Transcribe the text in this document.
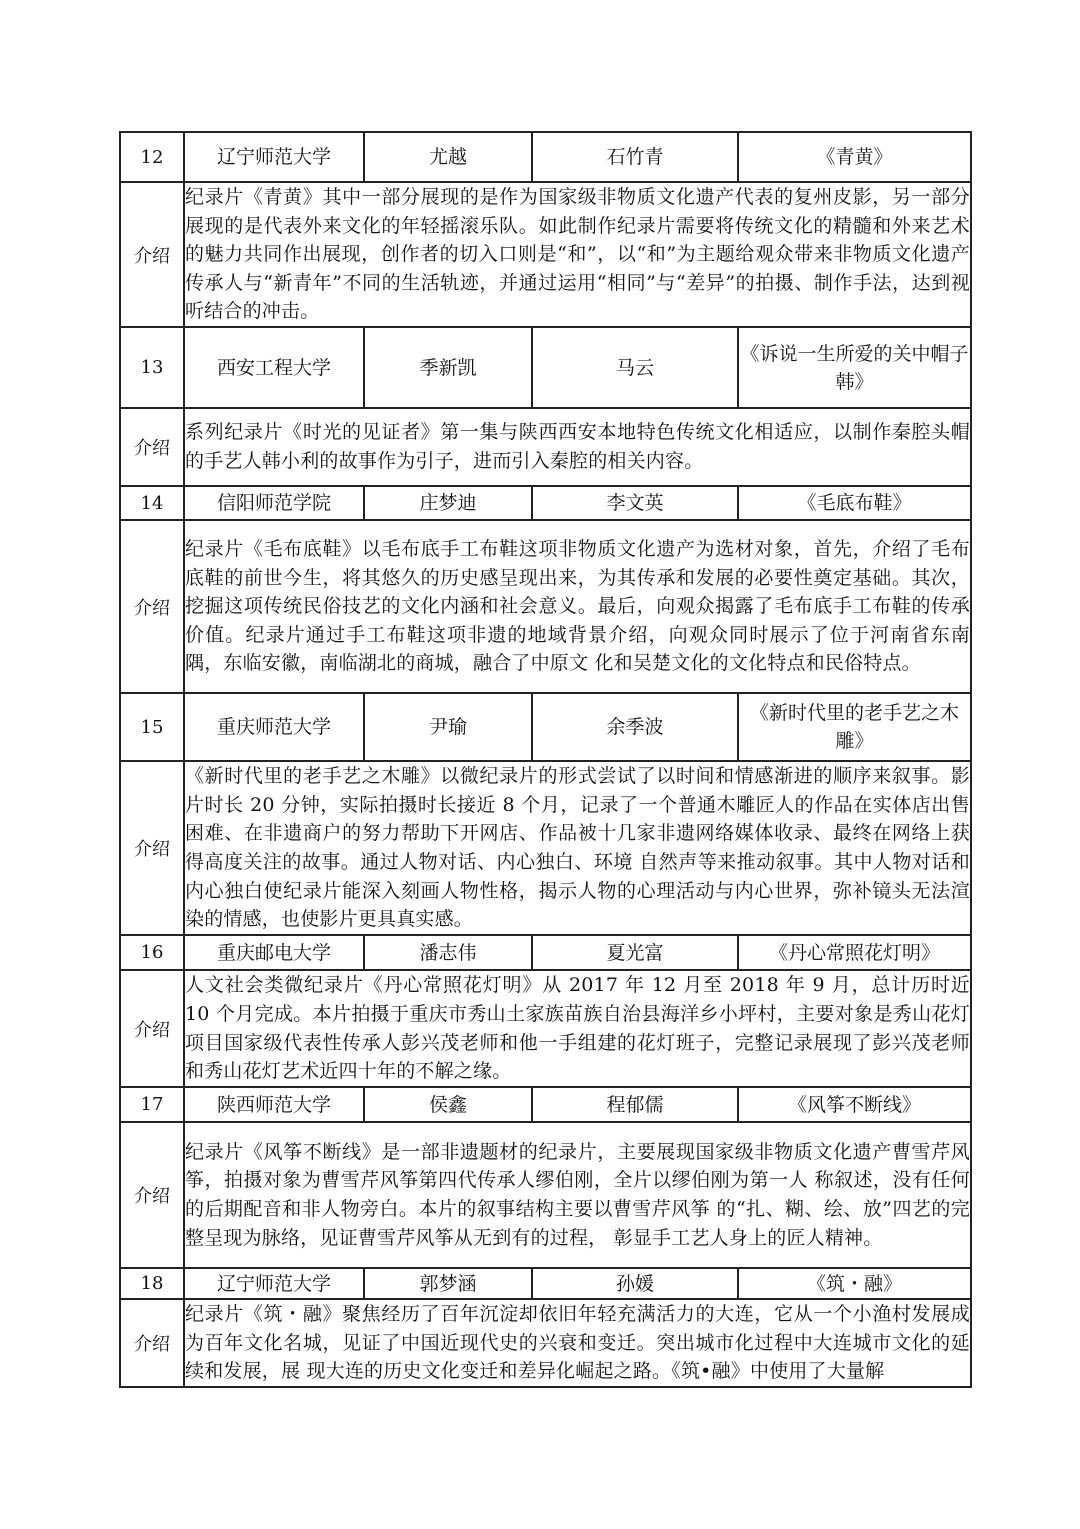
12	辽宁师范大学	尤越	石竹青	《青黄》
介绍	纪录片《青黄》其中一部分展现的是作为国家级非物质文化遗产代表的复州皮影，另一部分展现的是代表外来文化的年轻摇滚乐队。如此制作纪录片需要将传统文化的精髓和外来艺术的魅力共同作出展现，创作者的切入口则是“和”，以“和”为主题给观众带来非物质文化遗产传承人与“新青年”不同的生活轨迹，并通过运用“相同”与“差异”的拍摄、制作手法，达到视听结合的冲击。			
13	西安工程大学	季新凯	马云	《诉说一生所爱的关中帽子韩》
介绍	系列纪录片《时光的见证者》第一集与陕西西安本地特色传统文化相适应，以制作秦腔头帽的手艺人韩小利的故事作为引子，进而引入秦腔的相关内容。			
14	信阳师范学院	庄梦迪	李文英	《毛底布鞋》
介绍	纪录片《毛布底鞋》以毛布底手工布鞋这项非物质文化遗产为选材对象，首先，介绍了毛布底鞋的前世今生，将其悠久的历史感呈现出来，为其传承和发展的必要性奠定基础。其次，挖掘这项传统民俗技艺的文化内涵和社会意义。最后，向观众揭露了毛布底手工布鞋的传承价值。纪录片通过手工布鞋这项非遗的地域背景介绍，向观众同时展示了位于河南省东南隅，东临安徽，南临湖北的商城，融合了中原文 化和吴楚文化的文化特点和民俗特点。			
15	重庆师范大学	尹瑜	余季波	《新时代里的老手艺之木雕》
介绍	《新时代里的老手艺之木雕》以微纪录片的形式尝试了以时间和情感渐进的顺序来叙事。影片时长 20 分钟，实际拍摄时长接近 8 个月，记录了一个普通木雕匠人的作品在实体店出售困难、在非遗商户的努力帮助下开网店、作品被十几家非遗网络媒体收录、最终在网络上获得高度关注的故事。通过人物对话、内心独白、环境 自然声等来推动叙事。其中人物对话和内心独白使纪录片能深入刻画人物性格，揭示人物的心理活动与内心世界，弥补镜头无法渲染的情感，也使影片更具真实感。			
16	重庆邮电大学	潘志伟	夏光富	《丹心常照花灯明》
介绍	人文社会类微纪录片《丹心常照花灯明》从 2017 年 12 月至 2018 年 9 月，总计历时近 10 个月完成。本片拍摄于重庆市秀山土家族苗族自治县海洋乡小坪村，主要对象是秀山花灯项目国家级代表性传承人彭兴茂老师和他一手组建的花灯班子，完整记录展现了彭兴茂老师和秀山花灯艺术近四十年的不解之缘。			
17	陕西师范大学	侯鑫	程郁儒	《风筝不断线》
介绍	纪录片《风筝不断线》是一部非遗题材的纪录片，主要展现国家级非物质文化遗产曹雪芹风筝，拍摄对象为曹雪芹风筝第四代传承人缪伯刚，全片以缪伯刚为第一人 称叙述，没有任何的后期配音和非人物旁白。本片的叙事结构主要以曹雪芹风筝 的“扎、糊、绘、放”四艺的完整呈现为脉络，见证曹雪芹风筝从无到有的过程， 彰显手工艺人身上的匠人精神。			
18	辽宁师范大学	郭梦涵	孙媛	《筑・融》
介绍	纪录片《筑・融》聚焦经历了百年沉淀却依旧年轻充满活力的大连，它从一个小渔村发展成为百年文化名城，见证了中国近现代史的兴衰和变迁。突出城市化过程中大连城市文化的延续和发展，展 现大连的历史文化变迁和差异化崛起之路。《筑•融》中使用了大量解			
